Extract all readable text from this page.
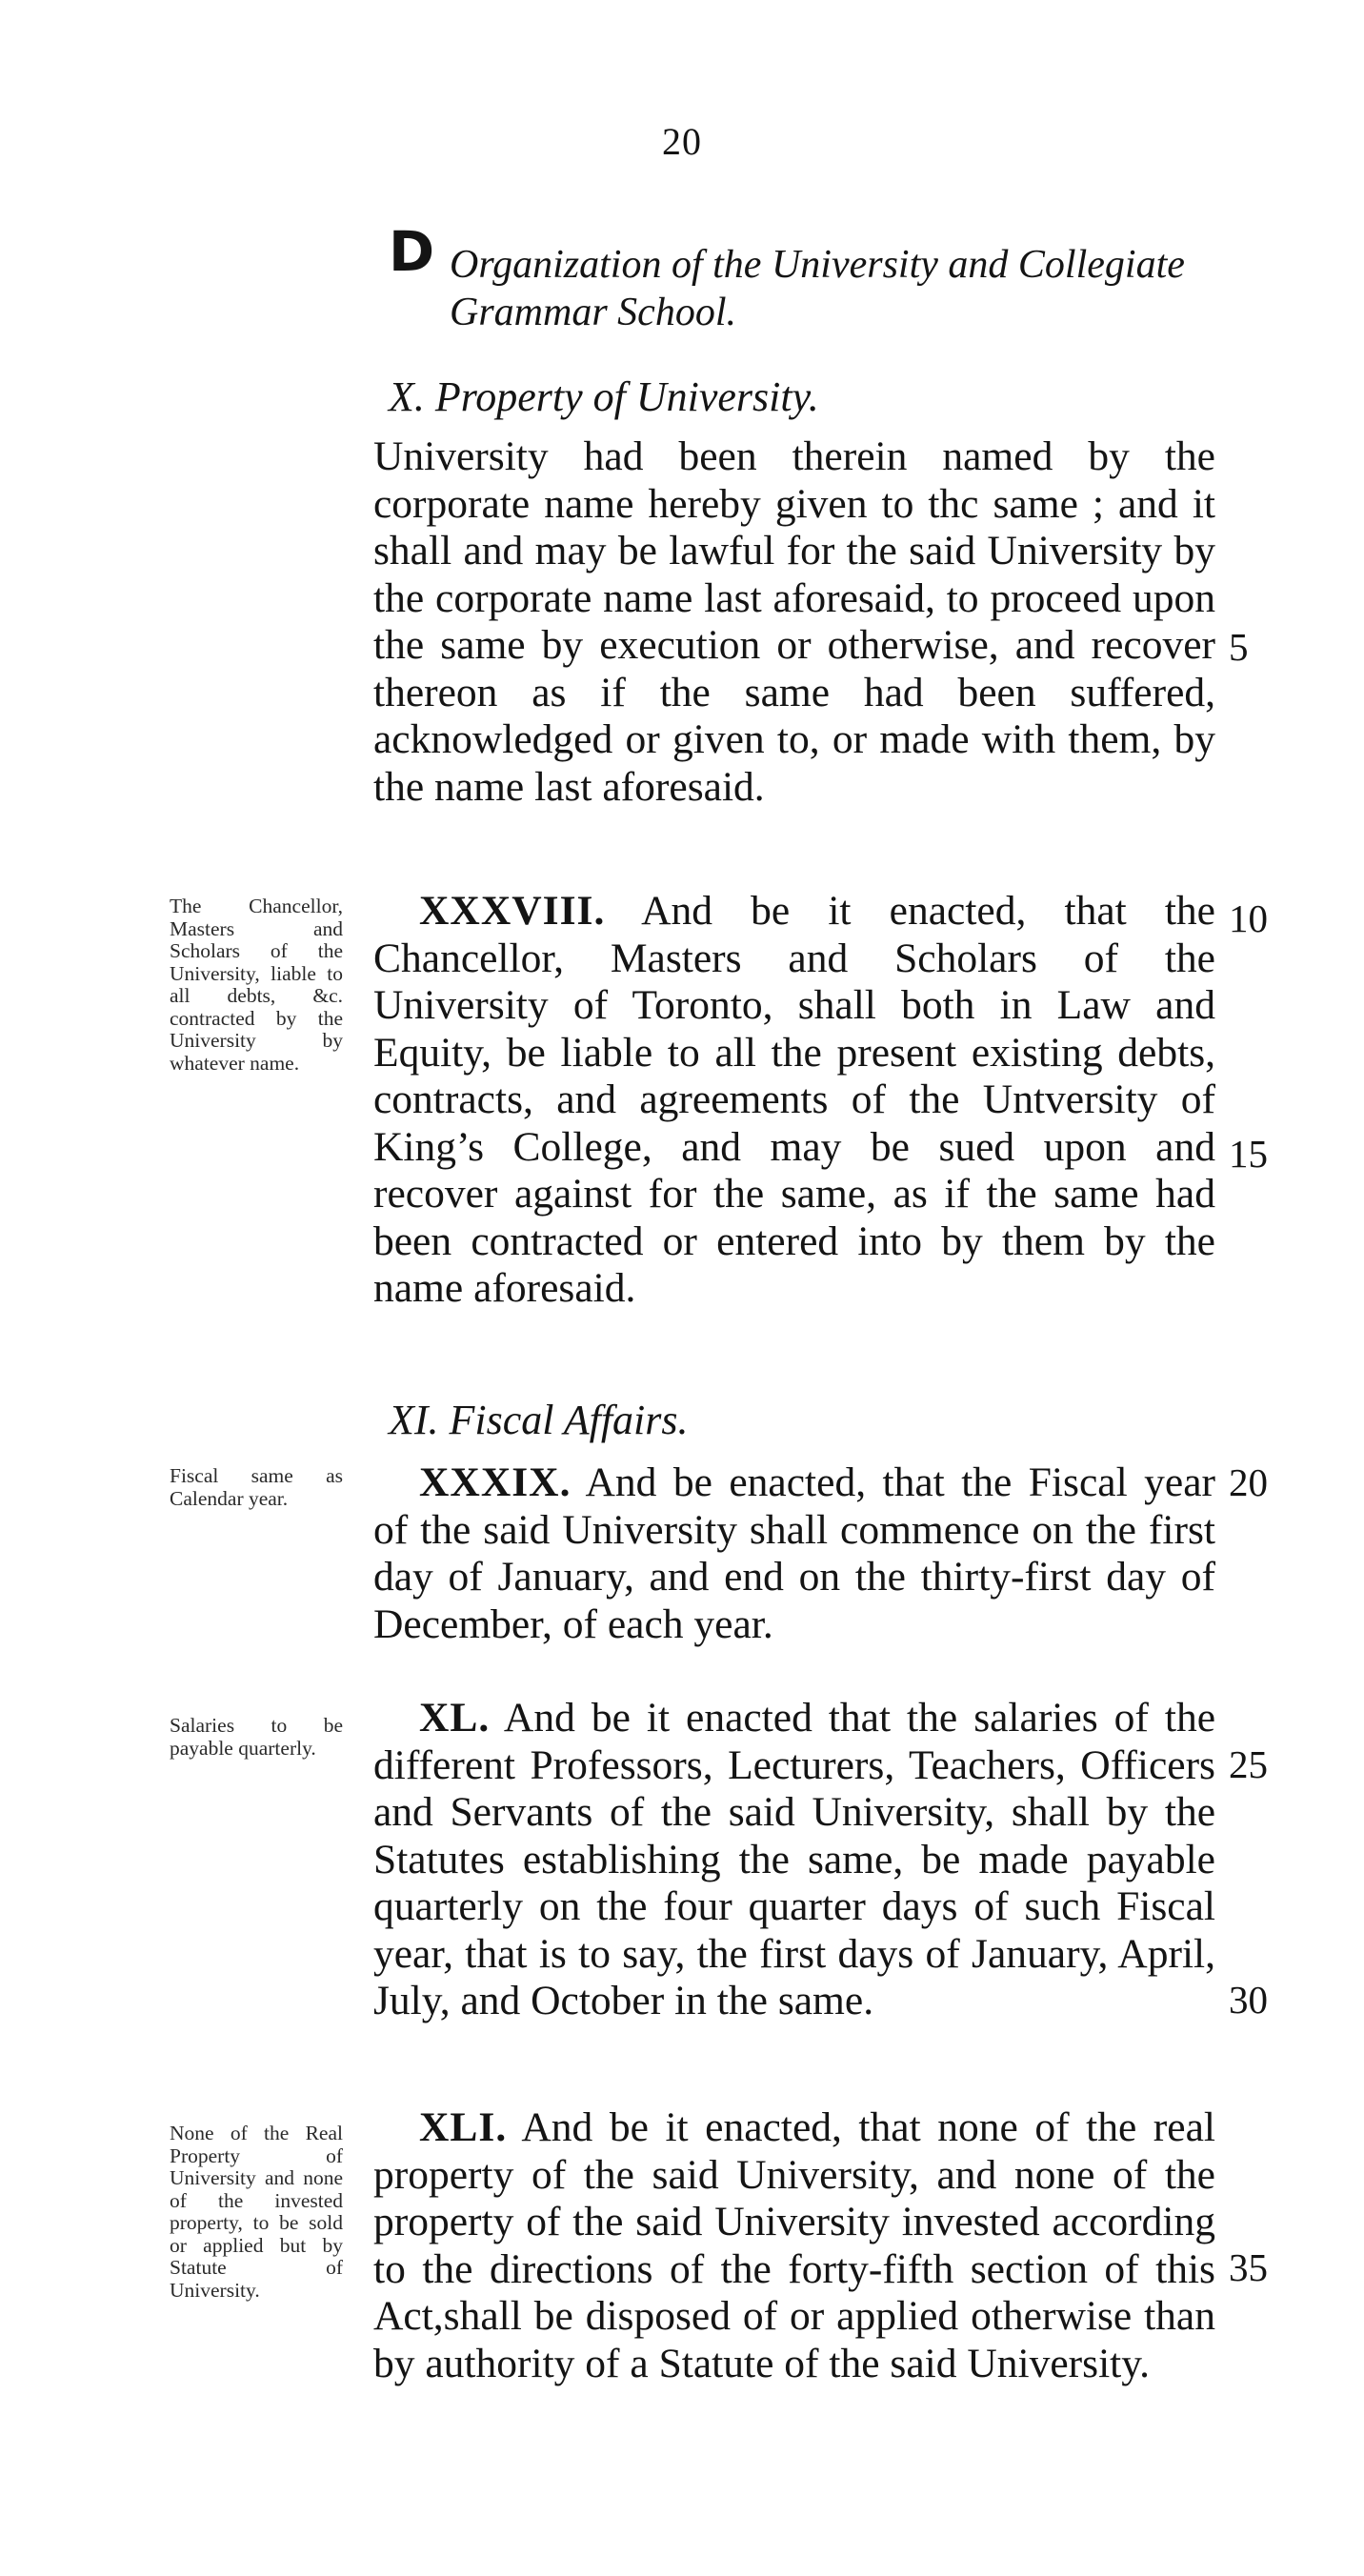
20
D Organization of the University and Collegiate Grammar School.
X. Property of University.
University had been therein named by the corporate name hereby given to thc same ; and it shall and may be lawful for the said University by the corporate name last aforesaid, to proceed upon the same by execution or otherwise, and recover thereon as if the same had been suffered, acknowledged or given to, or made with them, by the name last aforesaid.
The Chancellor, Masters and Scholars of the University, liable to all debts, &c. contracted by the University by whatever name.
XXXVIII. And be it enacted, that the Chancellor, Masters and Scholars of the University of Toronto, shall both in Law and Equity, be liable to all the present existing debts, contracts, and agreements of the Untversity of King’s College, and may be sued upon and recover against for the same, as if the same had been contracted or entered into by them by the name aforesaid.
XI. Fiscal Affairs.
Fiscal same as Calendar year.	XXXIX. And be enacted, that the Fiscal year of the said University shall commence on the first day of January, and end on the thirty-first day of December, of each year.
Salaries to be payable quarterly.
XL. And be it enacted that the salaries of the different Professors, Lecturers, Teachers, Officers and Servants of the said University, shall by the Statutes establishing the same, be made payable quarterly on the four quarter days of such Fiscal year, that is to say, the first days of January, April, July, and October in the same.
None of the Real Property of University and none of the invested property, to be sold or applied but by Statute of University.
XLI. And be it enacted, that none of the real property of the said University, and none of the property of the said University invested according to the directions of the forty-fifth section of this Act,shall be disposed of or applied otherwise than by authority of a Statute of the said University.
5
10
15
20
25
30
35
